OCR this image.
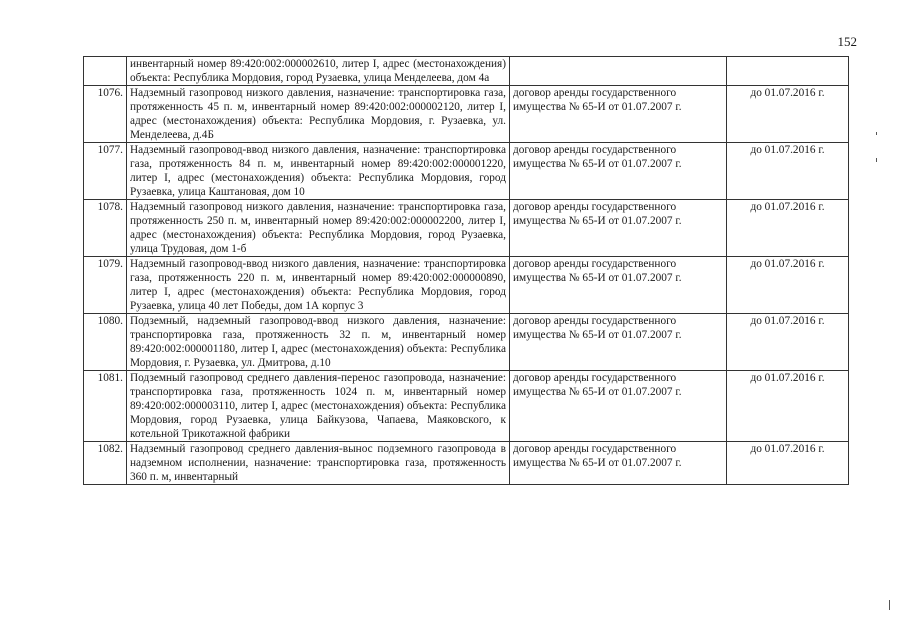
152
	инвентарный номер 89:420:002:000002610, литер I, адрес (местонахождения) объекта: Республика Мордовия, город Рузаевка, улица Менделеева, дом 4а		
1076.	Надземный газопровод низкого давления, назначение: транспортировка газа, протяженность 45 п. м, инвентарный номер 89:420:002:000002120, литер I, адрес (местонахождения) объекта: Республика Мордовия, г. Рузаевка, ул. Менделеева, д.4Б	договор аренды государственного имущества № 65-И от 01.07.2007 г.	до 01.07.2016 г.
1077.	Надземный газопровод-ввод низкого давления, назначение: транспортировка газа, протяженность 84 п. м, инвентарный номер 89:420:002:000001220, литер I, адрес (местонахождения) объекта: Республика Мордовия, город Рузаевка, улица Каштановая, дом 10	договор аренды государственного имущества № 65-И от 01.07.2007 г.	до 01.07.2016 г.
1078.	Надземный газопровод низкого давления, назначение: транспортировка газа, протяженность 250 п. м, инвентарный номер 89:420:002:000002200, литер I, адрес (местонахождения) объекта: Республика Мордовия, город Рузаевка, улица Трудовая, дом 1-б	договор аренды государственного имущества № 65-И от 01.07.2007 г.	до 01.07.2016 г.
1079.	Надземный газопровод-ввод низкого давления, назначение: транспортировка газа, протяженность 220 п. м, инвентарный номер 89:420:002:000000890, литер I, адрес (местонахождения) объекта: Республика Мордовия, город Рузаевка, улица 40 лет Победы, дом 1А корпус 3	договор аренды государственного имущества № 65-И от 01.07.2007 г.	до 01.07.2016 г.
1080.	Подземный, надземный газопровод-ввод низкого давления, назначение: транспортировка газа, протяженность 32 п. м, инвентарный номер 89:420:002:000001180, литер I, адрес (местонахождения) объекта: Республика Мордовия, г. Рузаевка, ул. Дмитрова, д.10	договор аренды государственного имущества № 65-И от 01.07.2007 г.	до 01.07.2016 г.
1081.	Подземный газопровод среднего давления-перенос газопровода, назначение: транспортировка газа, протяженность 1024 п. м, инвентарный номер 89:420:002:000003110, литер I, адрес (местонахождения) объекта: Республика Мордовия, город Рузаевка, улица Байкузова, Чапаева, Маяковского, к котельной Трикотажной фабрики	договор аренды государственного имущества № 65-И от 01.07.2007 г.	до 01.07.2016 г.
1082.	Надземный газопровод среднего давления-вынос подземного газопровода в надземном исполнении, назначение: транспортировка газа, протяженность 360 п. м, инвентарный	договор аренды государственного имущества № 65-И от 01.07.2007 г.	до 01.07.2016 г.
